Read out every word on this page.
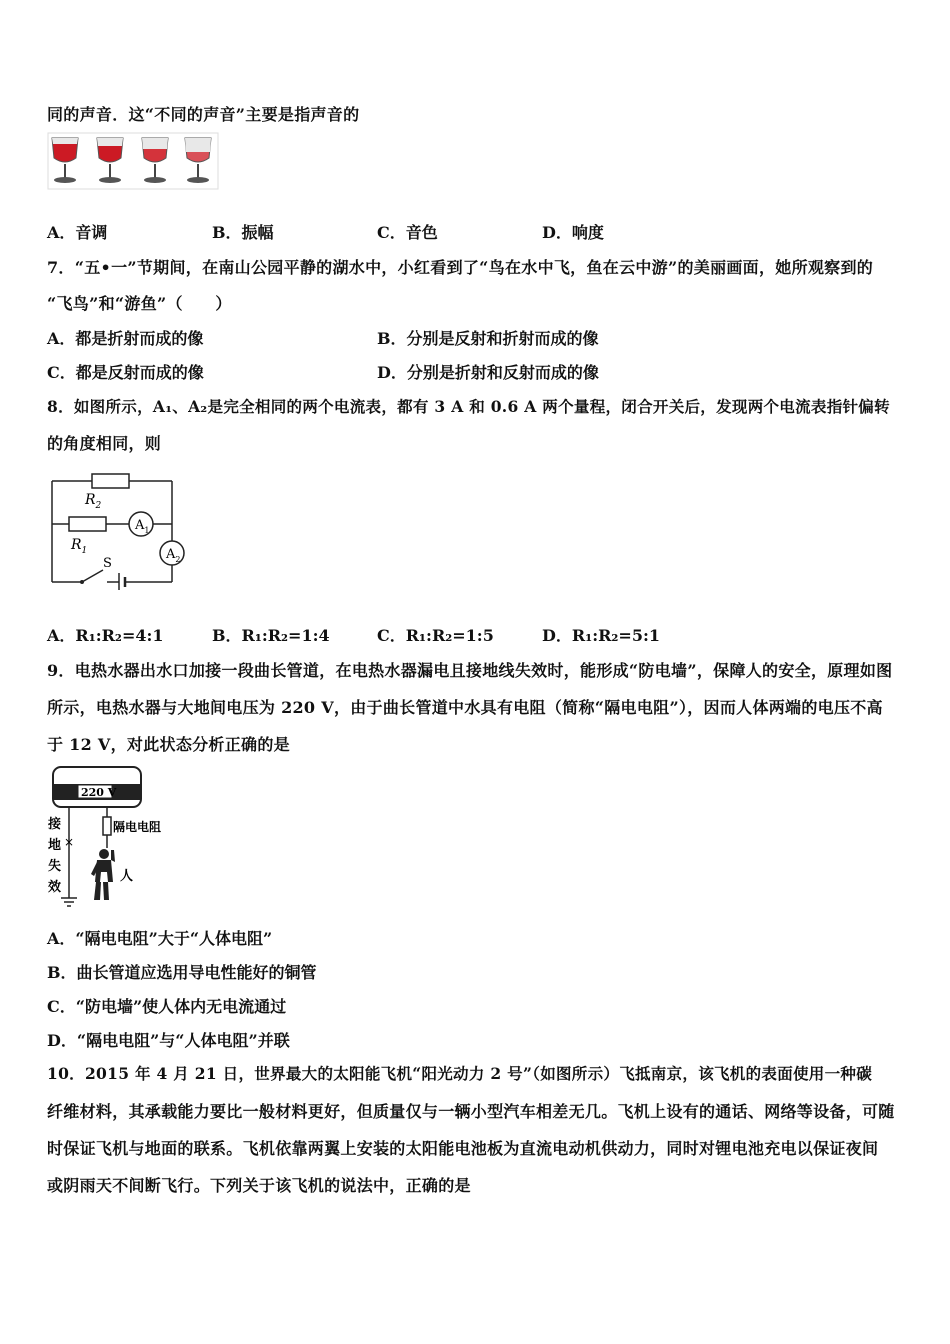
同的声音．这“不同的声音”主要是指声音的
A．音调	B．振幅	C．音色	D．响度
7．“五•一”节期间，在南山公园平静的湖水中，小红看到了“鸟在水中飞，鱼在云中游”的美丽画面，她所观察到的
“飞鸟”和“游鱼”（　　）
A．都是折射而成的像	B．分别是反射和折射而成的像
C．都是反射而成的像	D．分别是折射和反射而成的像
8．如图所示，A₁、A₂是完全相同的两个电流表，都有 3 A 和 0.6 A 两个量程，闭合开关后，发现两个电流表指针偏转
的角度相同，则
$R_2$
$R_1$
$A_1$
$A_2$
S
A．R₁:R₂=4:1	B．R₁:R₂=1:4	C．R₁:R₂=1:5	D．R₁:R₂=5:1
9．电热水器出水口加接一段曲长管道，在电热水器漏电且接地线失效时，能形成“防电墙”，保障人的安全，原理如图
所示，电热水器与大地间电压为 220 V，由于曲长管道中水具有电阻（简称“隔电电阻”），因而人体两端的电压不高
于 12 V，对此状态分析正确的是
220 V
×
接
地
失
效
隔电电阻
人
A．“隔电电阻”大于“人体电阻”
B．曲长管道应选用导电性能好的铜管
C．“防电墙”使人体内无电流通过
D．“隔电电阻”与“人体电阻”并联
10．2015 年 4 月 21 日，世界最大的太阳能飞机“阳光动力 2 号”（如图所示）飞抵南京，该飞机的表面使用一种碳
纤维材料，其承载能力要比一般材料更好，但质量仅与一辆小型汽车相差无几。飞机上设有的通话、网络等设备，可随
时保证飞机与地面的联系。飞机依靠两翼上安装的太阳能电池板为直流电动机供动力，同时对锂电池充电以保证夜间
或阴雨天不间断飞行。下列关于该飞机的说法中，正确的是
